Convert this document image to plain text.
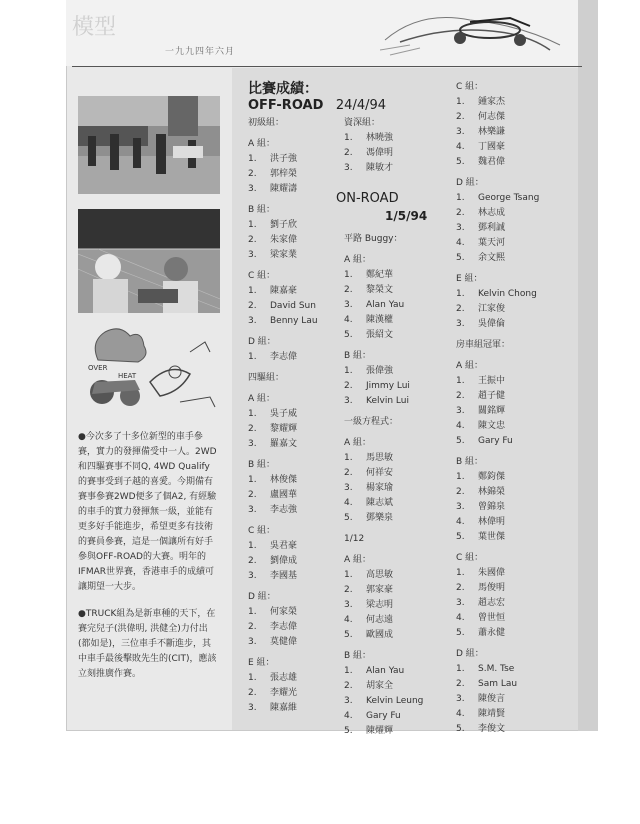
模型
一九九四年六月
OVER
HEAT
●今次多了十多位新型的車手參賽，實力的發揮備受中一人。2WD和四驅賽事不同Q, 4WD Qualify的賽事受到子越的喜愛。今期備有賽事參賽2WD便多了個A2, 有經驗的車手的實力發揮無一級，並能有更多好手能進步，希望更多有技術的賽員參賽，這是一個讓所有好手參與OFF-ROAD的大賽。明年的IFMAR世界賽，香港車手的成績可讓期望一大步。
●TRUCK組為是新車種的天下，在賽完兒子(洪偉明, 洪健全)力付出(都如是)，三位車手不斷進步，其中車手最後擊敗先生的(CIT)，應該立刻推廣作賽。
比賽成績：
OFF-ROAD 24/4/94
ON-ROAD
1/5/94
初級組：
A 組：
1. 洪子強
2. 郭梓榮
3. 陳耀濤
B 組：
1. 劉子欣
2. 朱家偉
3. 梁家業
C 組：
1. 陳嘉豪
2. David Sun
3. Benny Lau
D 組：
1. 李志偉
四驅組：
A 組：
1. 吳子威
2. 黎耀輝
3. 羅嘉文
B 組：
1. 林俊傑
2. 盧國華
3. 李志強
C 組：
1. 吳君豪
2. 劉偉成
3. 李國基
D 組：
1. 何家榮
2. 李志偉
3. 莫健偉
E 組：
1. 張志雄
2. 李耀光
3. 陳嘉維
資深組：
1. 林曉強
2. 馮偉明
3. 陳敏才
平路 Buggy：
A 組：
1. 鄭紀華
2. 黎榮文
3. Alan Yau
4. 陳漢權
5. 張紹文
B 組：
1. 張偉強
2. Jimmy Lui
3. Kelvin Lui
一級方程式：
A 組：
1. 馬思敏
2. 何祥安
3. 楊家瑜
4. 陳志斌
5. 鄧樂泉
1/12
A 組：
1. 高思敏
2. 郭家豪
3. 梁志明
4. 何志遠
5. 歐國成
B 組：
1. Alan Yau
2. 胡家全
3. Kelvin Leung
4. Gary Fu
5. 陳燿輝
C 組：
1. 鍾家杰
2. 何志傑
3. 林樂謙
4. 丁國豪
5. 魏君偉
D 組：
1. George Tsang
2. 林志成
3. 鄧利誠
4. 葉天河
5. 余文熙
E 組：
1. Kelvin Chong
2. 江家俊
3. 吳偉倫
房車組冠軍：
A 組：
1. 王振中
2. 趙子健
3. 關銘輝
4. 陳文忠
5. Gary Fu
B 組：
1. 鄭鈞傑
2. 林錦榮
3. 曾錦泉
4. 林偉明
5. 葉世傑
C 組：
1. 朱國偉
2. 馬俊明
3. 趙志宏
4. 曾世恒
5. 蕭永健
D 組：
1. S.M. Tse
2. Sam Lau
3. 陳俊言
4. 陳靖賢
5. 李俊文
